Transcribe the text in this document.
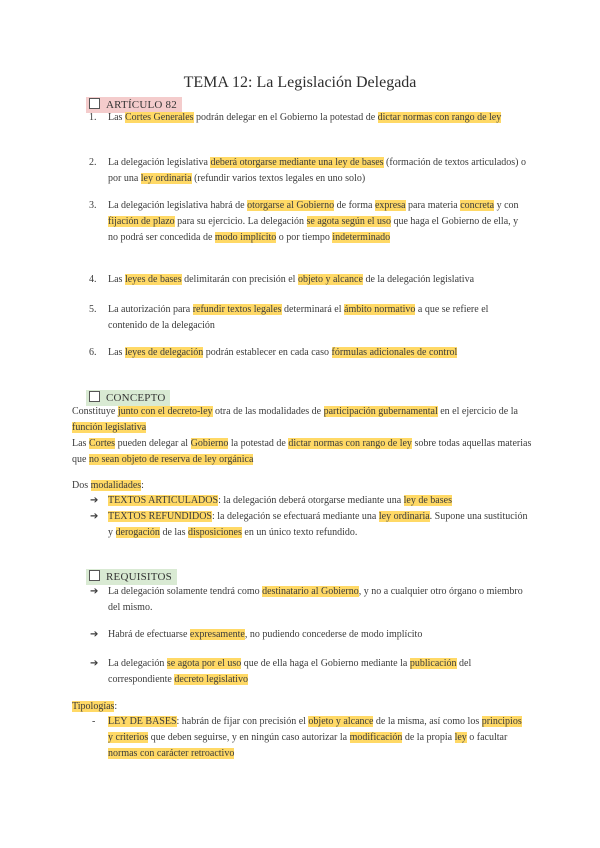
TEMA 12: La Legislación Delegada
ARTÍCULO 82
1.	Las Cortes Generales podrán delegar en el Gobierno la potestad de dictar normas con rango de ley
2.	La delegación legislativa deberá otorgarse mediante una ley de bases (formación de textos articulados) o por una ley ordinaria (refundir varios textos legales en uno solo)
3.	La delegación legislativa habrá de otorgarse al Gobierno de forma expresa para materia concreta y con fijación de plazo para su ejercicio. La delegación se agota según el uso que haga el Gobierno de ella, y no podrá ser concedida de modo implícito o por tiempo indeterminado
4.	Las leyes de bases delimitarán con precisión el objeto y alcance de la delegación legislativa
5.	La autorización para refundir textos legales determinará el ámbito normativo a que se refiere el contenido de la delegación
6.	Las leyes de delegación podrán establecer en cada caso fórmulas adicionales de control
CONCEPTO
Constituye junto con el decreto-ley otra de las modalidades de participación gubernamental en el ejercicio de la función legislativa
Las Cortes pueden delegar al Gobierno la potestad de dictar normas con rango de ley sobre todas aquellas materias que no sean objeto de reserva de ley orgánica
Dos modalidades:
➔ TEXTOS ARTICULADOS: la delegación deberá otorgarse mediante una ley de bases
➔ TEXTOS REFUNDIDOS: la delegación se efectuará mediante una ley ordinaria. Supone una sustitución y derogación de las disposiciones en un único texto refundido.
REQUISITOS
➔ La delegación solamente tendrá como destinatario al Gobierno, y no a cualquier otro órgano o miembro del mismo.
➔ Habrá de efectuarse expresamente, no pudiendo concederse de modo implícito
➔ La delegación se agota por el uso que de ella haga el Gobierno mediante la publicación del correspondiente decreto legislativo
Tipologías:
- LEY DE BASES: habrán de fijar con precisión el objeto y alcance de la misma, así como los principios y criterios que deben seguirse, y en ningún caso autorizar la modificación de la propia ley o facultar normas con carácter retroactivo
